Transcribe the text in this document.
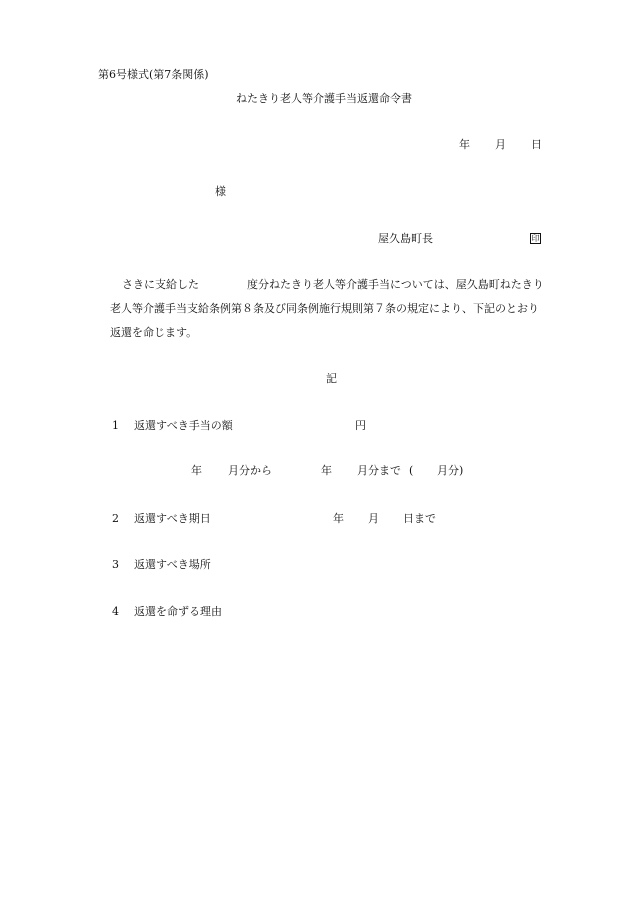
第6号様式(第7条関係)
ねたきり老人等介護手当返還命令書
年 月 日
様
屋久島町長	印
さきに支給した	度分ねたきり老人等介護手当については、屋久島町ねたきり
老人等介護手当支給条例第８条及び同条例施行規則第７条の規定により、下記のとおり
返還を命じます。
記
1 返還すべき手当の額	円
年 月分から	年 月分まで ( 月分)
2 返還すべき期日	年 月 日まで
3 返還すべき場所
4 返還を命ずる理由
